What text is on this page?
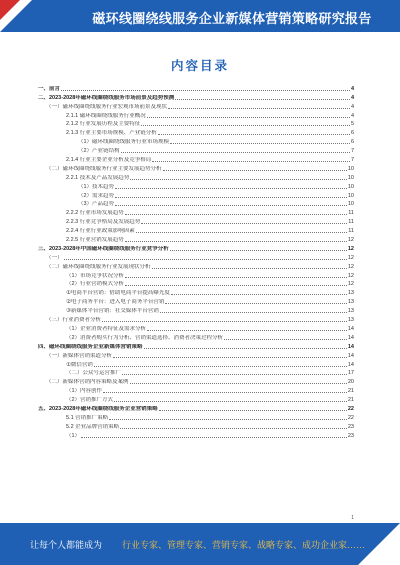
磁环线圈绕线服务企业新媒体营销策略研究报告
内容目录
一、前言	4
二、2023-2028年磁环线圈绕线服务市场前景及趋势预测	4
（一）磁环线圈绕线服务行业宏观市场前景及现状	4
2.1.1 磁环线圈绕线服务行业概况	4
2.1.2 行业发展历程及主要特征	5
2.1.3 行业主要市场规模、产业链分析	6
（1）磁环线圈绕线服务行业市场规模	6
（2）产业链结构	7
2.1.4 行业主要企业分析及竞争格局	7
（二）磁环线圈绕线服务行业主要发展趋势分析	10
2.2.1 技术及产品发展趋势	10
（1）技术趋势	10
（2）需求趋势	10
（3）产品趋势	10
2.2.2 行业市场发展趋势	11
2.2.3 行业竞争格局及发展趋势	11
2.2.4 行业行业政策影响因素	11
2.2.5 行业营销发展趋势	12
三、2023-2028年中国磁环线圈绕线服务行业竞争分析	12
（一）	12
（二）磁环线圈绕线服务行业发展现状分析	12
（1）市场竞争状况分析	12
（2）行业营销模式分析	12
①电商平台营销：借助电商平台提高曝光度	13
②电子商务平台：进入电子商务平台营销	13
③新媒体平台营销：社交媒体平台营销	13
（三）行业消费者分析	13
（1）企业消费者特征及需求分析	14
（2）消费者购买行为分析、营销渠道选择、消费者决策过程分析	14
四、磁环线圈绕线服务企业新媒体营销策略	14
（一）新媒体营销渠道分析	14
①微信营销	14
（二）公众号运营推广	17
（二）新媒体营销内容策略及案例	20
（1）内容创作	21
（2）营销推广方式	21
五、2023-2028年磁环线圈绕线服务企业营销策略	22
5.1 营销推广策略	22
5.2 企业品牌营销策略	23
（1）	23
1
让每个人都能成为 行业专家、管理专家、营销专家、战略专家、成功企业家……
